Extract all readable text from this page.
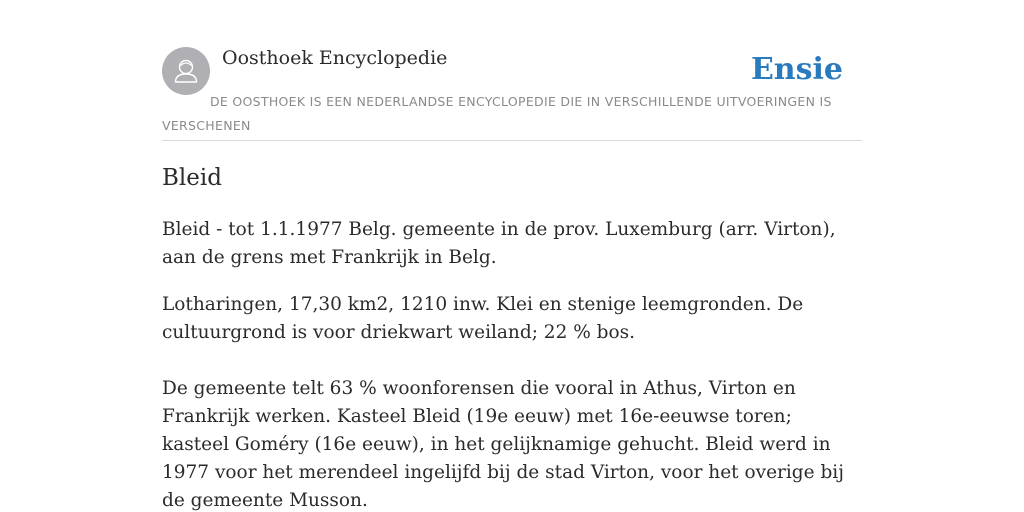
Oosthoek Encyclopedie	Ensie
DE OOSTHOEK IS EEN NEDERLANDSE ENCYCLOPEDIE DIE IN VERSCHILLENDE UITVOERINGEN IS VERSCHENEN
Bleid

Bleid - tot 1.1.1977 Belg. gemeente in de prov. Luxemburg (arr. Virton), aan de grens met Frankrijk in Belg.

Lotharingen, 17,30 km2, 1210 inw. Klei en stenige leemgronden. De cultuurgrond is voor driekwart weiland; 22 % bos.

De gemeente telt 63 % woonforensen die vooral in Athus, Virton en Frankrijk werken. Kasteel Bleid (19e eeuw) met 16e-eeuwse toren; kasteel Goméry (16e eeuw), in het gelijknamige gehucht. Bleid werd in 1977 voor het merendeel ingelijfd bij de stad Virton, voor het overige bij de gemeente Musson.
